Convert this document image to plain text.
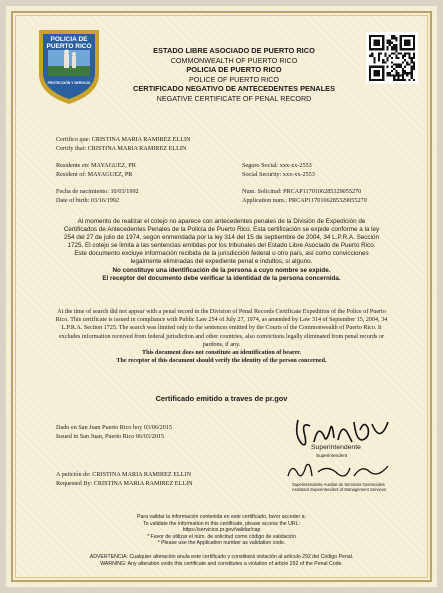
POLICIA DE
PUERTO RICO
PROTECCIÓN Y SERVICIO
ESTADO LIBRE ASOCIADO DE PUERTO RICO
COMMONWEALTH OF PUERTO RICO
POLICIA DE PUERTO RICO
POLICE OF PUERTO RICO
CERTIFICADO NEGATIVO DE ANTECEDENTES PENALES
NEGATIVE CERTIFICATE OF PENAL RECORD
Certifico que: CRISTINA MARIA RAMIREZ ELLIN
Certify that: CRISTINA MARIA RAMIREZ ELLIN
Residente en: MAYAGUEZ, PR
Resident of: MAYAGUEZ, PR
Seguro Social: xxx-xx-2553
Social Security: xxx-xx-2553
Fecha de nacimiento: 10/03/1992
Date of birth: 03/16/1992
Num. Solicitud: PRCAP1170106285329055270
Application num.: PRCAP1170106285329055270
Al momento de realizar el cotejo no aparece con antecedentes penales de la División de Expedición de Certificados de Antecedentes Penales de la Policía de Puerto Rico. Esta certificación se expide conforme a la ley 254 del 27 de julio de 1974, según enmendada por la ley 314 del 15 de septiembre de 2004, 34 L.P.R.A. Sección 1725. El cotejo se limita a las sentencias emitidas por los tribunales del Estado Libre Asociado de Puerto Rico. Este documento excluye información recibida de la jurisdicción federal u otro país, así como convicciones legalmente eliminadas del expediente penal e indultos, si alguno.
No constituye una identificación de la persona a cuyo nombre se expide.
El receptor del documento debe verificar la identidad de la persona concernida.
At the time of search did not appear with a penal record in the Division of Penal Records Certificate Expedition of the Police of Puerto Rico. This certificate is issued in compliance with Public Law 254 of July 27, 1974, as amended by Law 314 of September 15, 2004, 34 L.P.R.A. Section 1725. The search was limited only to the sentences emitted by the Courts of the Commonwealth of Puerto Rico. It excludes information received from federal jurisdiction and other countries, also convictions legally eliminated from penal records or pardons, if any.
This document does not constitute an identification of bearer.
The receptor of this document should verify the identity of the person concerned.
Certificado emitido a traves de pr.gov
Dado en San Juan Puerto Rico hoy 03/06/2015
Issued in San Juan, Puerto Rico 06/03/2015
A petición de: CRISTINA MARIA RAMIREZ ELLIN
Requested By: CRISTINA MARIA RAMIREZ ELLIN
Superintendente
Superintendent
Superintendente Auxiliar de Servicios Gerenciales
Assistant Superintendent of Management Services
Para validar la información contenida en este certificado, favor acceder a:
To validate the information in this certificate, please access the URL:
https://servicios.pr.gov/validar/cap
* Favor de utilizar el núm. de solicitud como código de validación
* Please use the Application number as validation code.
ADVERTENCIA: Cualquier alteración anula este certificado y constituirá violación al artículo 292 del Código Penal.
WARNING: Any alteration voids this certificate and constitutes a violation of article 292 of the Penal Code.
